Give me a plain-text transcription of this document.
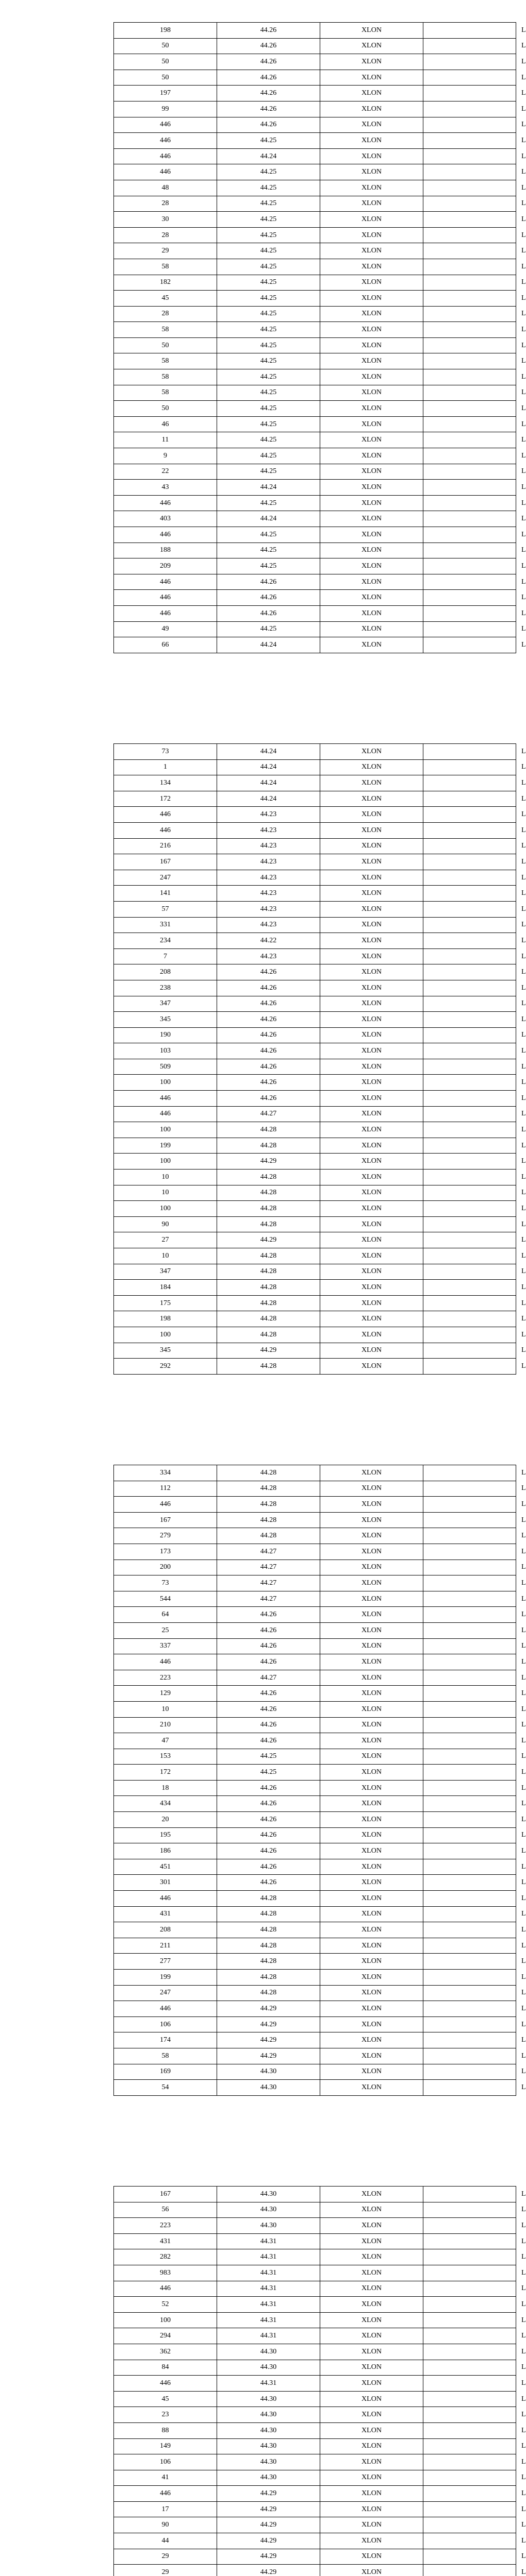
198	44.26	XLON	L
50	44.26	XLON	L
50	44.26	XLON	L
50	44.26	XLON	L
197	44.26	XLON	L
99	44.26	XLON	L
446	44.26	XLON	L
446	44.25	XLON	L
446	44.24	XLON	L
446	44.25	XLON	L
48	44.25	XLON	L
28	44.25	XLON	L
30	44.25	XLON	L
28	44.25	XLON	L
29	44.25	XLON	L
58	44.25	XLON	L
182	44.25	XLON	L
45	44.25	XLON	L
28	44.25	XLON	L
58	44.25	XLON	L
50	44.25	XLON	L
58	44.25	XLON	L
58	44.25	XLON	L
58	44.25	XLON	L
50	44.25	XLON	L
46	44.25	XLON	L
11	44.25	XLON	L
9	44.25	XLON	L
22	44.25	XLON	L
43	44.24	XLON	L
446	44.25	XLON	L
403	44.24	XLON	L
446	44.25	XLON	L
188	44.25	XLON	L
209	44.25	XLON	L
446	44.26	XLON	L
446	44.26	XLON	L
446	44.26	XLON	L
49	44.25	XLON	L
66	44.24	XLON	L
73	44.24	XLON	L
1	44.24	XLON	L
134	44.24	XLON	L
172	44.24	XLON	L
446	44.23	XLON	L
446	44.23	XLON	L
216	44.23	XLON	L
167	44.23	XLON	L
247	44.23	XLON	L
141	44.23	XLON	L
57	44.23	XLON	L
331	44.23	XLON	L
234	44.22	XLON	L
7	44.23	XLON	L
208	44.26	XLON	L
238	44.26	XLON	L
347	44.26	XLON	L
345	44.26	XLON	L
190	44.26	XLON	L
103	44.26	XLON	L
509	44.26	XLON	L
100	44.26	XLON	L
446	44.26	XLON	L
446	44.27	XLON	L
100	44.28	XLON	L
199	44.28	XLON	L
100	44.29	XLON	L
10	44.28	XLON	L
10	44.28	XLON	L
100	44.28	XLON	L
90	44.28	XLON	L
27	44.29	XLON	L
10	44.28	XLON	L
347	44.28	XLON	L
184	44.28	XLON	L
175	44.28	XLON	L
198	44.28	XLON	L
100	44.28	XLON	L
345	44.29	XLON	L
292	44.28	XLON	L
334	44.28	XLON	L
112	44.28	XLON	L
446	44.28	XLON	L
167	44.28	XLON	L
279	44.28	XLON	L
173	44.27	XLON	L
200	44.27	XLON	L
73	44.27	XLON	L
544	44.27	XLON	L
64	44.26	XLON	L
25	44.26	XLON	L
337	44.26	XLON	L
446	44.26	XLON	L
223	44.27	XLON	L
129	44.26	XLON	L
10	44.26	XLON	L
210	44.26	XLON	L
47	44.26	XLON	L
153	44.25	XLON	L
172	44.25	XLON	L
18	44.26	XLON	L
434	44.26	XLON	L
20	44.26	XLON	L
195	44.26	XLON	L
186	44.26	XLON	L
451	44.26	XLON	L
301	44.26	XLON	L
446	44.28	XLON	L
431	44.28	XLON	L
208	44.28	XLON	L
211	44.28	XLON	L
277	44.28	XLON	L
199	44.28	XLON	L
247	44.28	XLON	L
446	44.29	XLON	L
106	44.29	XLON	L
174	44.29	XLON	L
58	44.29	XLON	L
169	44.30	XLON	L
54	44.30	XLON	L
167	44.30	XLON	L
56	44.30	XLON	L
223	44.30	XLON	L
431	44.31	XLON	L
282	44.31	XLON	L
983	44.31	XLON	L
446	44.31	XLON	L
52	44.31	XLON	L
100	44.31	XLON	L
294	44.31	XLON	L
362	44.30	XLON	L
84	44.30	XLON	L
446	44.31	XLON	L
45	44.30	XLON	L
23	44.30	XLON	L
88	44.30	XLON	L
149	44.30	XLON	L
106	44.30	XLON	L
41	44.30	XLON	L
446	44.29	XLON	L
17	44.29	XLON	L
90	44.29	XLON	L
44	44.29	XLON	L
29	44.29	XLON	L
29	44.29	XLON	L
